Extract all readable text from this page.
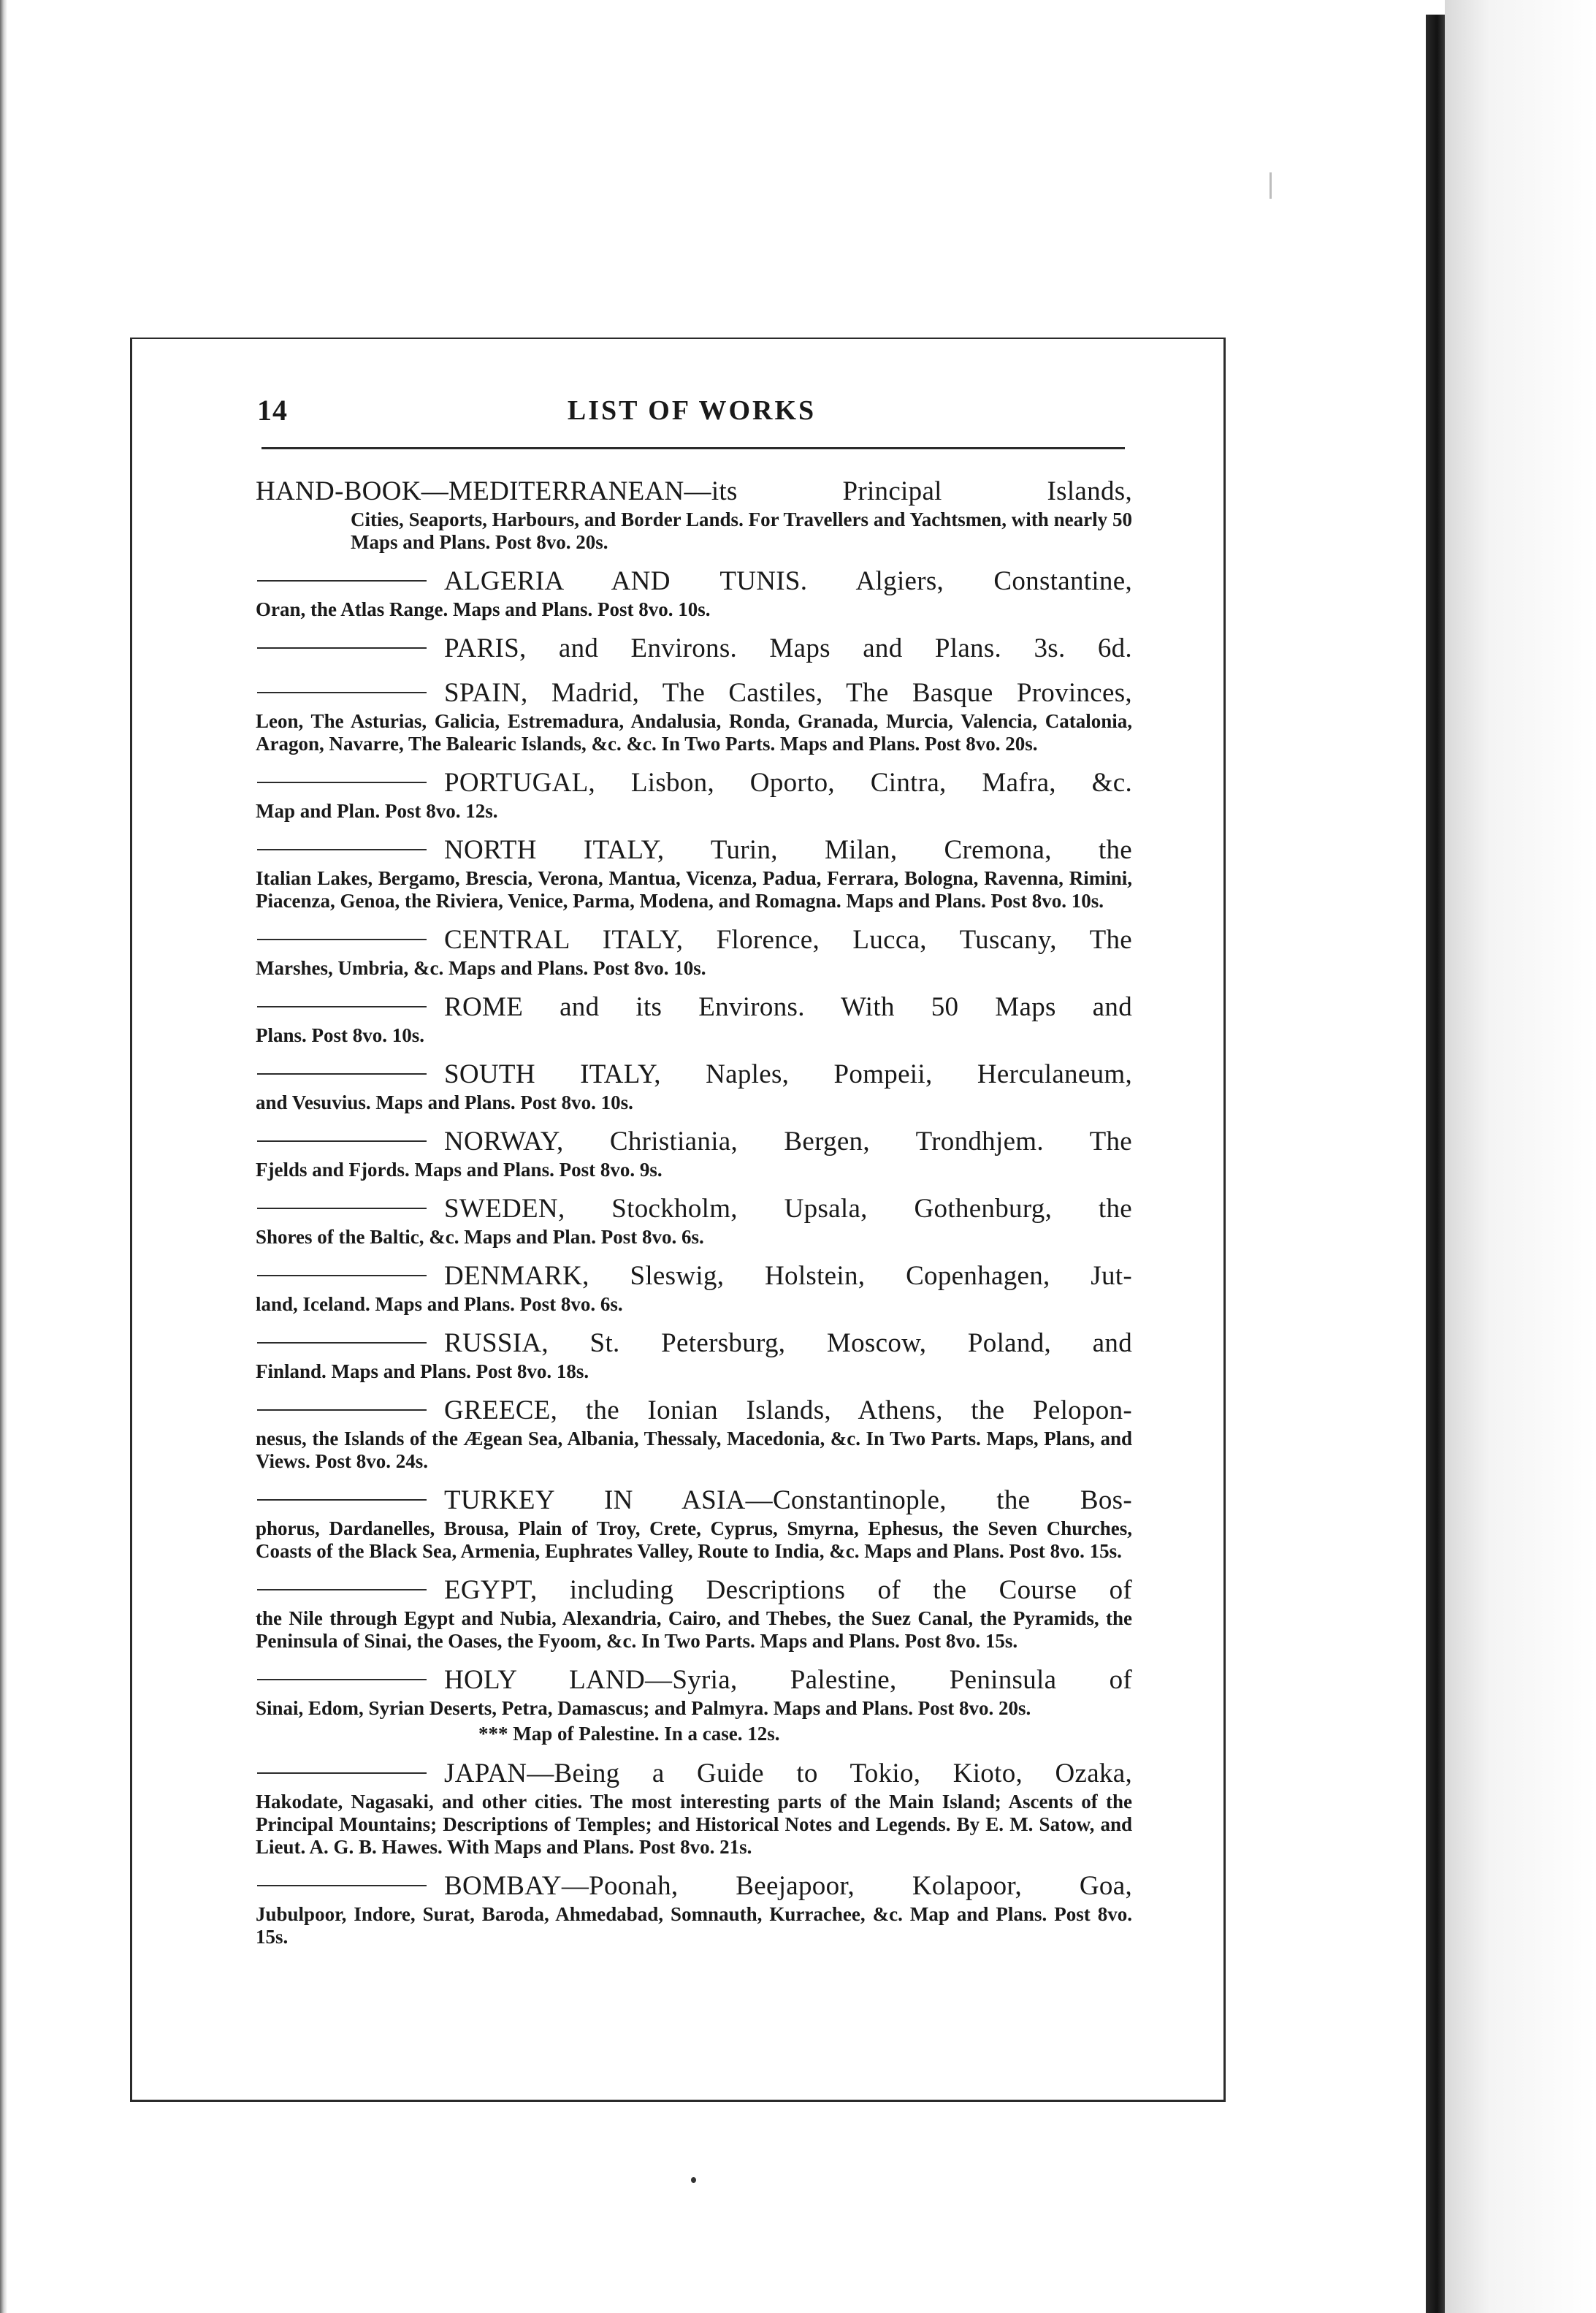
14	LIST OF WORKS
HAND-BOOK—MEDITERRANEAN—its Principal Islands,

Cities, Seaports, Harbours, and Border Lands. For Travellers and Yachtsmen, with nearly 50 Maps and Plans. Post 8vo. 20s.

ALGERIA AND TUNIS. Algiers, Constantine,

Oran, the Atlas Range. Maps and Plans. Post 8vo. 10s.

PARIS, and Environs. Maps and Plans. 3s. 6d.

SPAIN, Madrid, The Castiles, The Basque Provinces,

Leon, The Asturias, Galicia, Estremadura, Andalusia, Ronda, Granada, Murcia, Valencia, Catalonia, Aragon, Navarre, The Balearic Islands, &c. &c. In Two Parts. Maps and Plans. Post 8vo. 20s.

PORTUGAL, Lisbon, Oporto, Cintra, Mafra, &c.

Map and Plan. Post 8vo. 12s.

NORTH ITALY, Turin, Milan, Cremona, the

Italian Lakes, Bergamo, Brescia, Verona, Mantua, Vicenza, Padua, Ferrara, Bologna, Ravenna, Rimini, Piacenza, Genoa, the Riviera, Venice, Parma, Modena, and Romagna. Maps and Plans. Post 8vo. 10s.

CENTRAL ITALY, Florence, Lucca, Tuscany, The

Marshes, Umbria, &c. Maps and Plans. Post 8vo. 10s.

ROME and its Environs. With 50 Maps and

Plans. Post 8vo. 10s.

SOUTH ITALY, Naples, Pompeii, Herculaneum,

and Vesuvius. Maps and Plans. Post 8vo. 10s.

NORWAY, Christiania, Bergen, Trondhjem. The

Fjelds and Fjords. Maps and Plans. Post 8vo. 9s.

SWEDEN, Stockholm, Upsala, Gothenburg, the

Shores of the Baltic, &c. Maps and Plan. Post 8vo. 6s.

DENMARK, Sleswig, Holstein, Copenhagen, Jut-

land, Iceland. Maps and Plans. Post 8vo. 6s.

RUSSIA, St. Petersburg, Moscow, Poland, and

Finland. Maps and Plans. Post 8vo. 18s.

GREECE, the Ionian Islands, Athens, the Pelopon-

nesus, the Islands of the Ægean Sea, Albania, Thessaly, Macedonia, &c. In Two Parts. Maps, Plans, and Views. Post 8vo. 24s.

TURKEY IN ASIA—Constantinople, the Bos-

phorus, Dardanelles, Brousa, Plain of Troy, Crete, Cyprus, Smyrna, Ephesus, the Seven Churches, Coasts of the Black Sea, Armenia, Euphrates Valley, Route to India, &c. Maps and Plans. Post 8vo. 15s.

EGYPT, including Descriptions of the Course of

the Nile through Egypt and Nubia, Alexandria, Cairo, and Thebes, the Suez Canal, the Pyramids, the Peninsula of Sinai, the Oases, the Fyoom, &c. In Two Parts. Maps and Plans. Post 8vo. 15s.

HOLY LAND—Syria, Palestine, Peninsula of

Sinai, Edom, Syrian Deserts, Petra, Damascus; and Palmyra. Maps and Plans. Post 8vo. 20s.

*** Map of Palestine. In a case. 12s.
JAPAN—Being a Guide to Tokio, Kioto, Ozaka,

Hakodate, Nagasaki, and other cities. The most interesting parts of the Main Island; Ascents of the Principal Mountains; Descriptions of Temples; and Historical Notes and Legends. By E. M. Satow, and Lieut. A. G. B. Hawes. With Maps and Plans. Post 8vo. 21s.

BOMBAY—Poonah, Beejapoor, Kolapoor, Goa,

Jubulpoor, Indore, Surat, Baroda, Ahmedabad, Somnauth, Kurrachee, &c. Map and Plans. Post 8vo. 15s.
